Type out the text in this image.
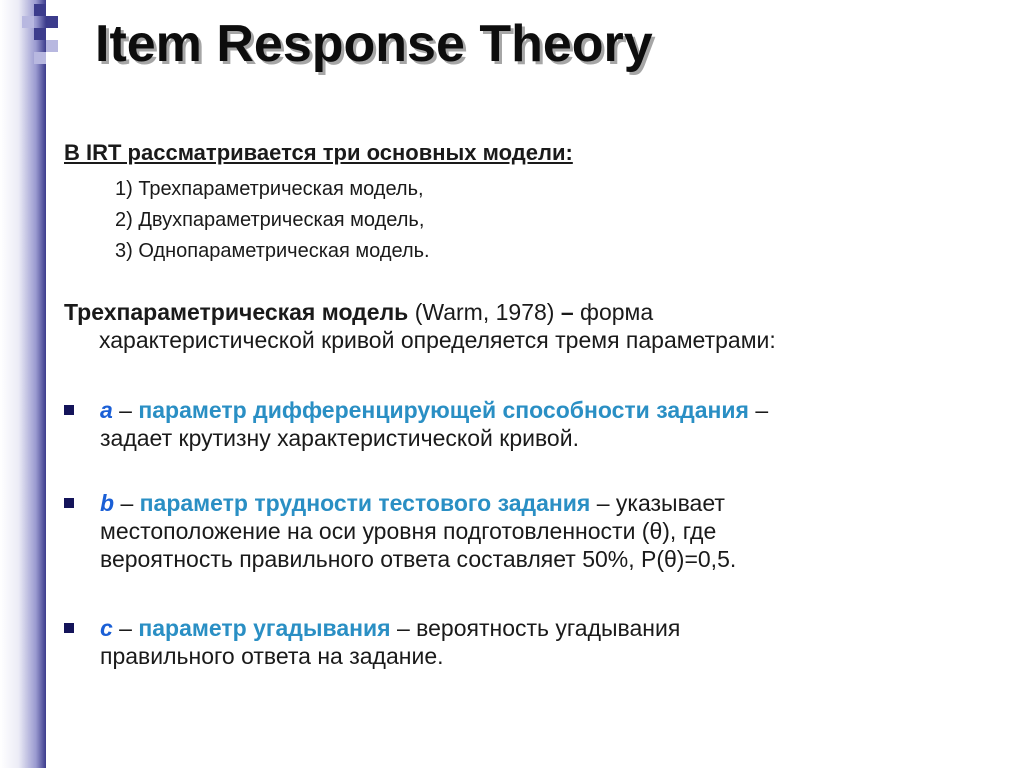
Item Response Theory
В IRT рассматривается три основных модели:
1) Трехпараметрическая модель,
2) Двухпараметрическая модель,
3) Однопараметрическая модель.
Трехпараметрическая модель (Warm, 1978) – форма
характеристической кривой определяется тремя параметрами:
a – параметр дифференцирующей способности задания –
задает крутизну характеристической кривой.
b – параметр трудности тестового задания – указывает
местоположение на оси уровня подготовленности (θ), где
вероятность правильного ответа составляет 50%, P(θ)=0,5.
c – параметр угадывания – вероятность угадывания
правильного ответа на задание.
